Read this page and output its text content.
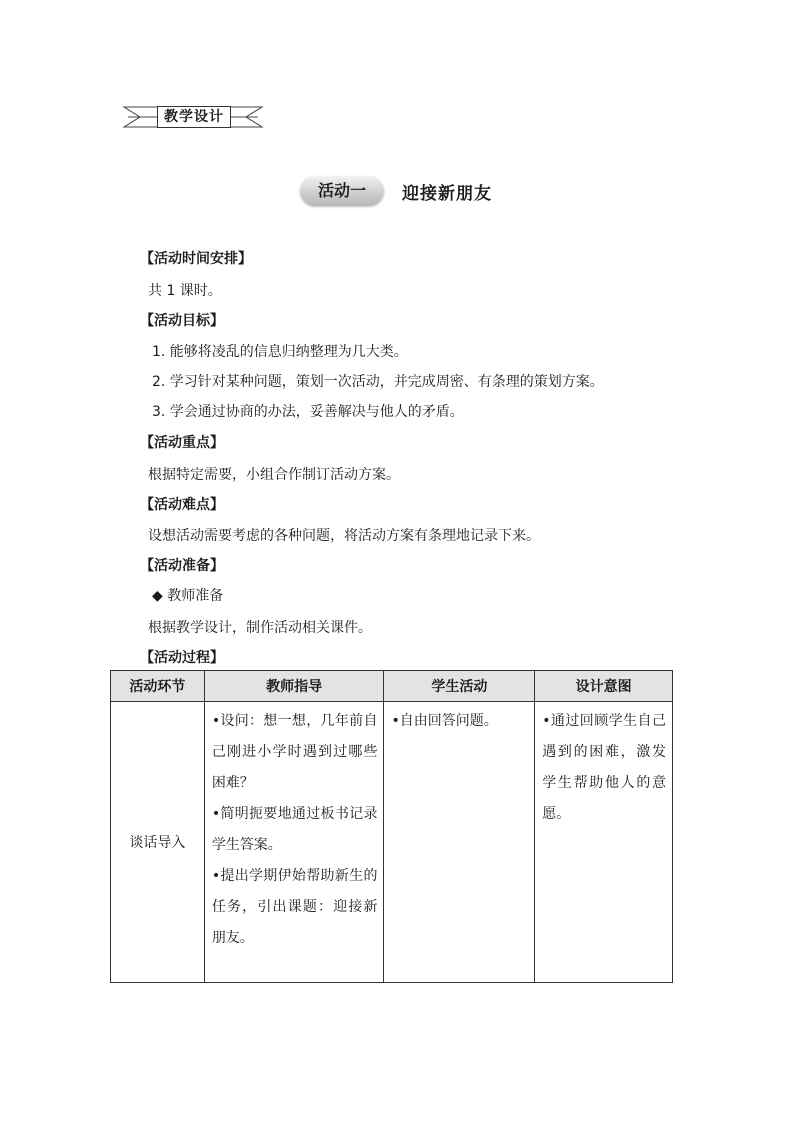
教学设计
活动一	迎接新朋友
【活动时间安排】
共 1 课时。
【活动目标】
1. 能够将凌乱的信息归纳整理为几大类。
2. 学习针对某种问题，策划一次活动，并完成周密、有条理的策划方案。
3. 学会通过协商的办法，妥善解决与他人的矛盾。
【活动重点】
根据特定需要，小组合作制订活动方案。
【活动难点】
设想活动需要考虑的各种问题，将活动方案有条理地记录下来。
【活动准备】
◆ 教师准备
根据教学设计，制作活动相关课件。
【活动过程】
活动环节	教师指导	学生活动	设计意图
谈话导入	•设问：想一想，几年前自己刚进小学时遇到过哪些困难？
•简明扼要地通过板书记录学生答案。
•提出学期伊始帮助新生的任务，引出课题：迎接新朋友。	•自由回答问题。	•通过回顾学生自己遇到的困难，激发学生帮助他人的意愿。
